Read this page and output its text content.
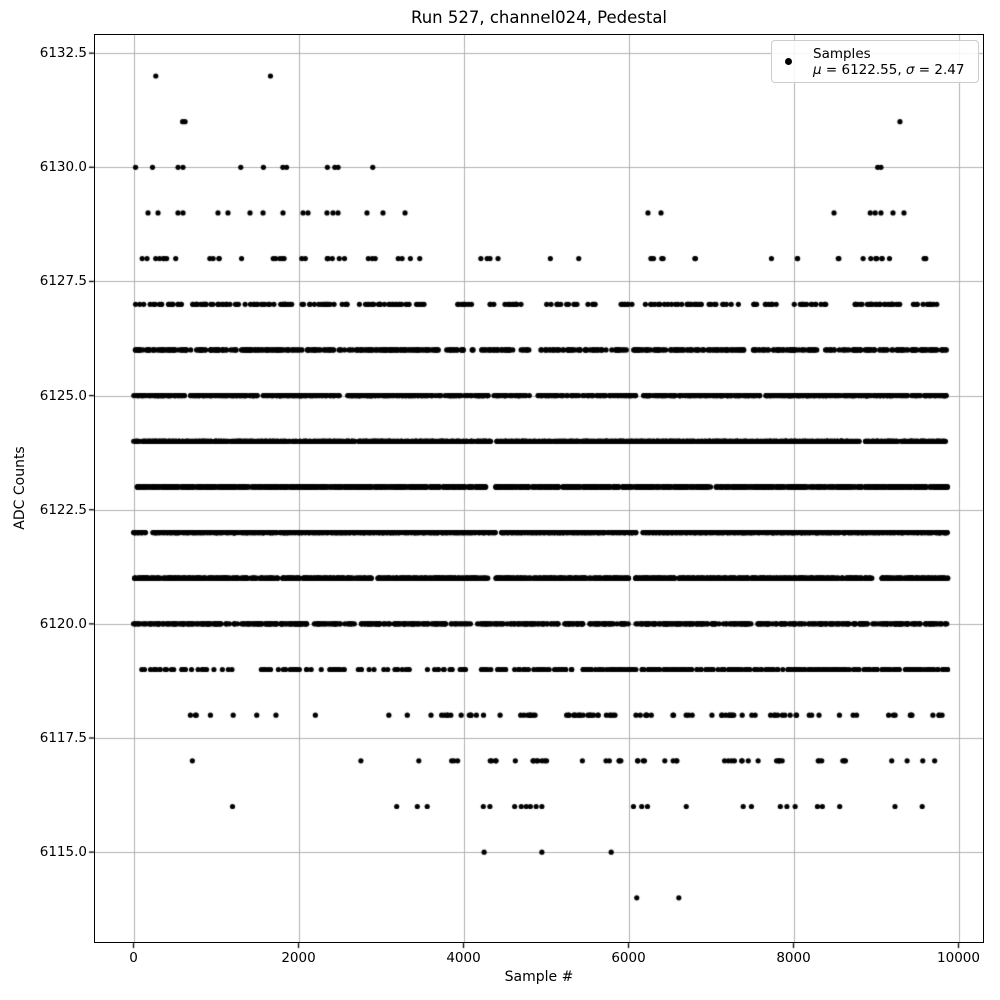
Run 527, channel024, Pedestal
Sample #
ADC Counts
0	2000	4000	6000	8000	10000
6115.0
6117.5
6120.0
6122.5
6125.0
6127.5
6130.0
6132.5	Samples
μ = 6122.55, σ = 2.47
